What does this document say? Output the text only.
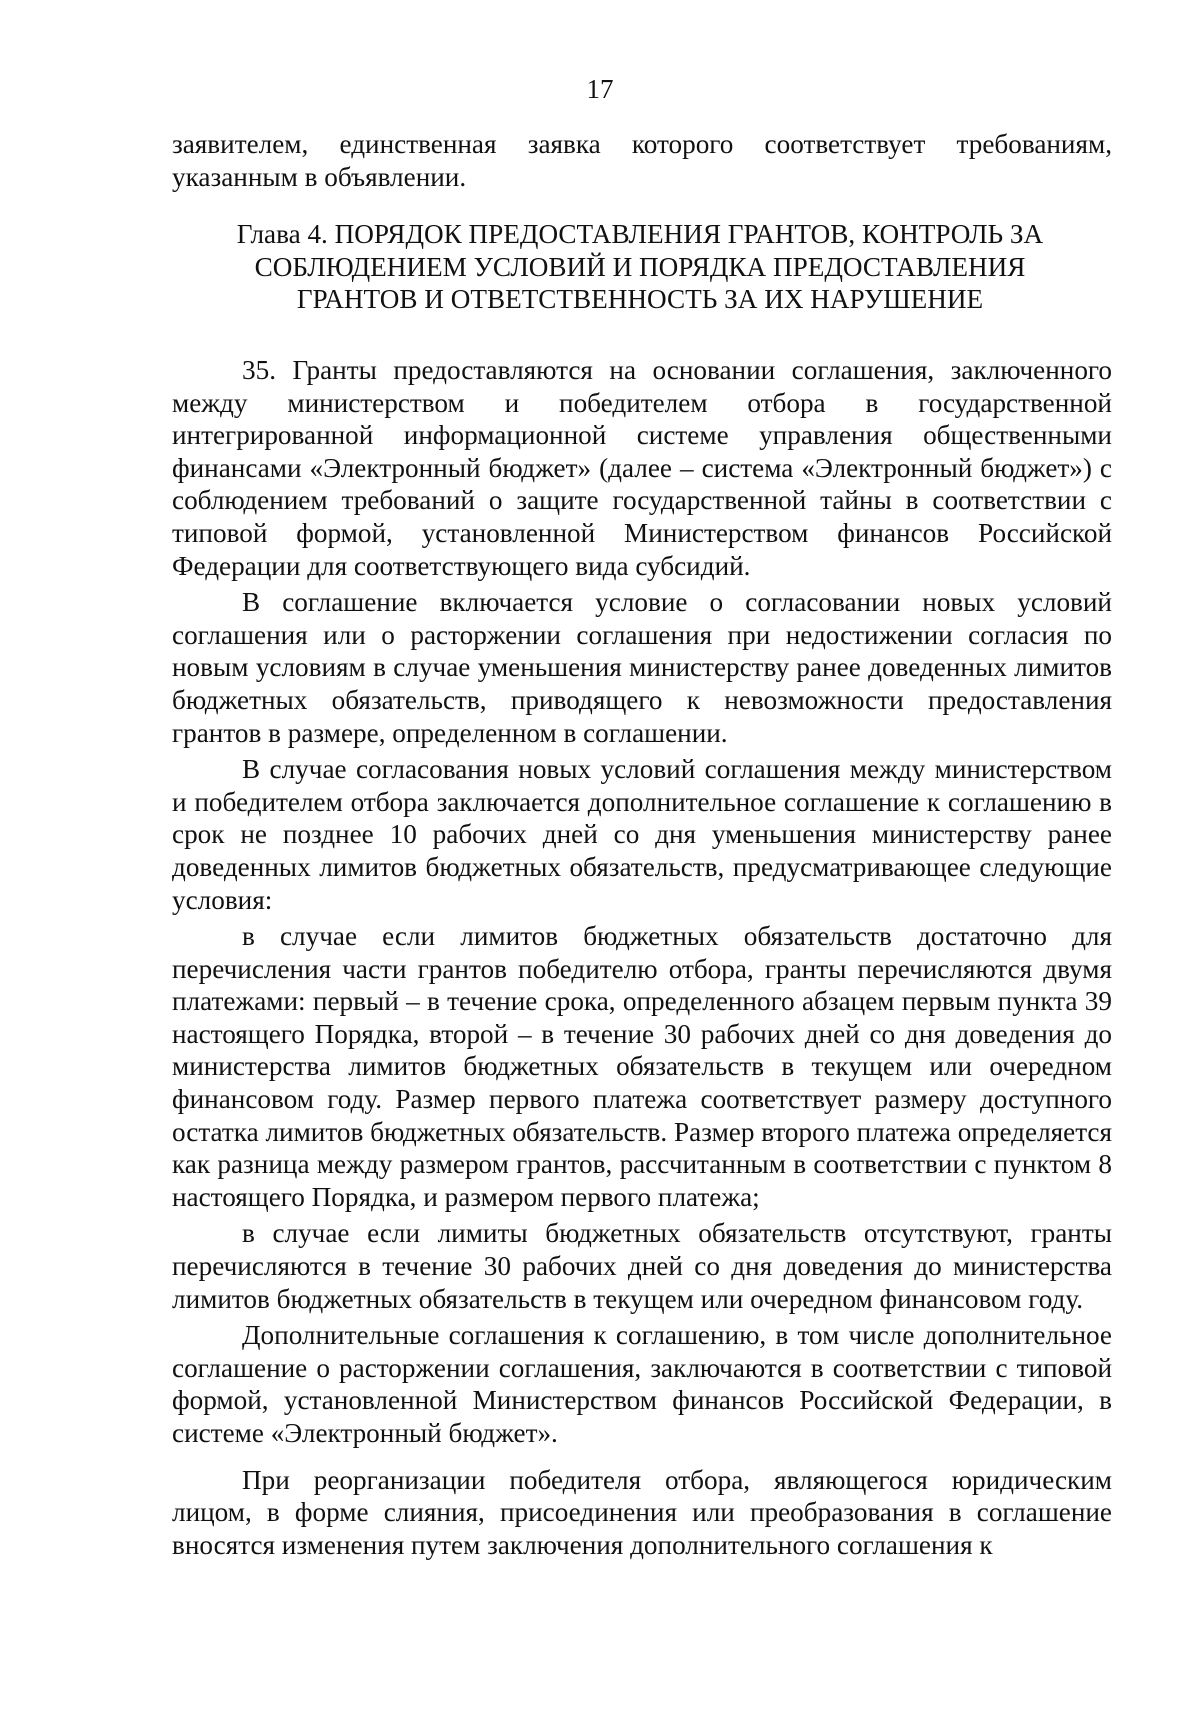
17

заявителем, единственная заявка которого соответствует требованиям, указанным в объявлении.

Глава 4. ПОРЯДОК ПРЕДОСТАВЛЕНИЯ ГРАНТОВ, КОНТРОЛЬ ЗА
СОБЛЮДЕНИЕМ УСЛОВИЙ И ПОРЯДКА ПРЕДОСТАВЛЕНИЯ
ГРАНТОВ И ОТВЕТСТВЕННОСТЬ ЗА ИХ НАРУШЕНИЕ

35. Гранты предоставляются на основании соглашения, заключенного между министерством и победителем отбора в государственной интегрированной информационной системе управления общественными финансами «Электронный бюджет» (далее – система «Электронный бюджет») с соблюдением требований о защите государственной тайны в соответствии с типовой формой, установленной Министерством финансов Российской Федерации для соответствующего вида субсидий.

В соглашение включается условие о согласовании новых условий соглашения или о расторжении соглашения при недостижении согласия по новым условиям в случае уменьшения министерству ранее доведенных лимитов бюджетных обязательств, приводящего к невозможности предоставления грантов в размере, определенном в соглашении.

В случае согласования новых условий соглашения между министерством и победителем отбора заключается дополнительное соглашение к соглашению в срок не позднее 10 рабочих дней со дня уменьшения министерству ранее доведенных лимитов бюджетных обязательств, предусматривающее следующие условия:

в случае если лимитов бюджетных обязательств достаточно для перечисления части грантов победителю отбора, гранты перечисляются двумя платежами: первый – в течение срока, определенного абзацем первым пункта 39 настоящего Порядка, второй – в течение 30 рабочих дней со дня доведения до министерства лимитов бюджетных обязательств в текущем или очередном финансовом году. Размер первого платежа соответствует размеру доступного остатка лимитов бюджетных обязательств. Размер второго платежа определяется как разница между размером грантов, рассчитанным в соответствии с пунктом 8 настоящего Порядка, и размером первого платежа;

в случае если лимиты бюджетных обязательств отсутствуют, гранты перечисляются в течение 30 рабочих дней со дня доведения до министерства лимитов бюджетных обязательств в текущем или очередном финансовом году.

Дополнительные соглашения к соглашению, в том числе дополнительное соглашение о расторжении соглашения, заключаются в соответствии с типовой формой, установленной Министерством финансов Российской Федерации, в системе «Электронный бюджет».

При реорганизации победителя отбора, являющегося юридическим лицом, в форме слияния, присоединения или преобразования в соглашение вносятся изменения путем заключения дополнительного соглашения к
